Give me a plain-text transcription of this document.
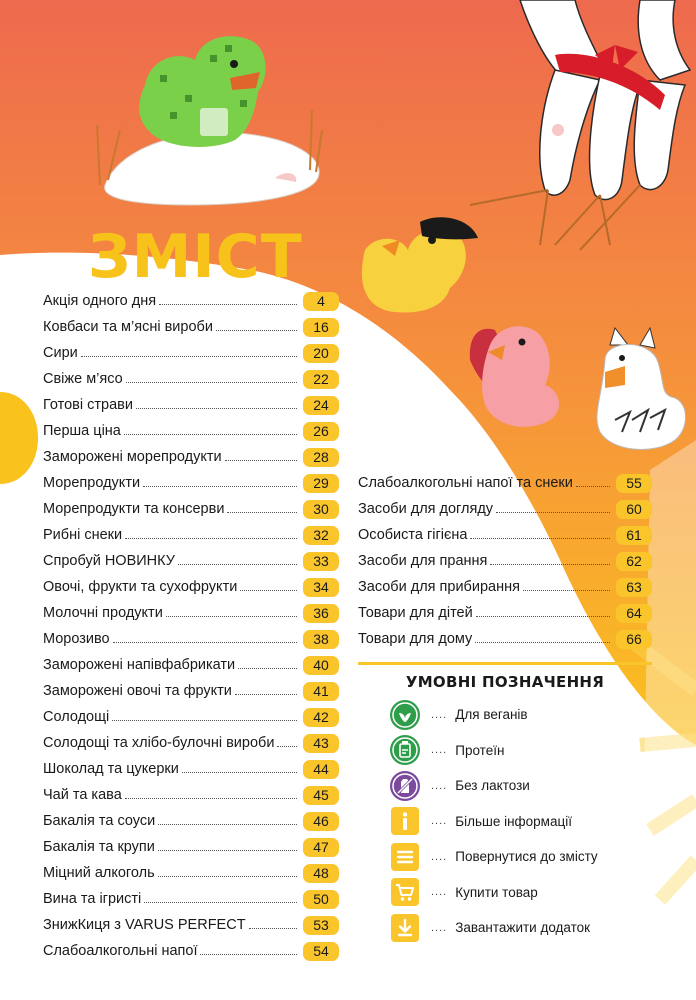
ЗМІСТ
Акція одного дня	4
Ковбаси та м’ясні вироби	16
Сири	20
Свіже м’ясо	22
Готові страви	24
Перша ціна	26
Заморожені морепродукти	28
Морепродукти	29
Морепродукти та консерви	30
Рибні снеки	32
Спробуй НОВИНКУ	33
Овочі, фрукти та сухофрукти	34
Молочні продукти	36
Морозиво	38
Заморожені напівфабрикати	40
Заморожені овочі та фрукти	41
Солодощі	42
Солодощі та хлібо-булочні вироби	43
Шоколад та цукерки	44
Чай та кава	45
Бакалія та соуси	46
Бакалія та крупи	47
Міцний алкоголь	48
Вина та ігристі	50
ЗнижКиця з VARUS PERFECT	53
Слабоалкогольні напої	54
Слабоалкогольні напої та снеки	55
Засоби для догляду	60
Особиста гігієна	61
Засоби для прання	62
Засоби для прибирання	63
Товари для дітей	64
Товари для дому	66
УМОВНІ ПОЗНАЧЕННЯ
.... Для веганів
.... Протеїн
.... Без лактози
.... Більше інформації
.... Повернутися до змісту
.... Купити товар
.... Завантажити додаток
